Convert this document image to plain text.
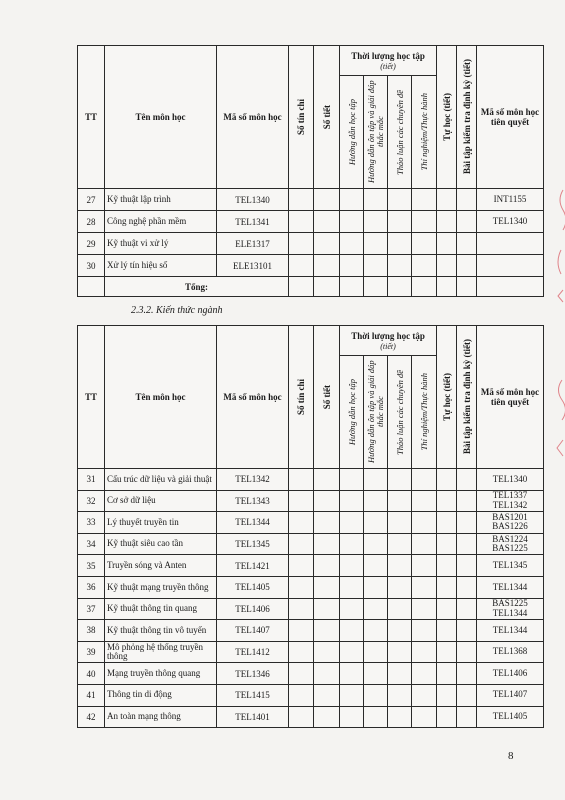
TT	Tên môn học	Mã số môn học	Số tín chỉ	Số tiết	Thời lượng học tập
(tiết)				Tự học (tiết)	Bài tập kiểm tra định kỳ (tiết)	Mã số môn học tiên quyết

					Hướng dẫn học tập	Hướng dẫn ôn tập và giải đáp thắc mắc	Thảo luận các chuyên đề	Thí nghiệm/Thực hành			

27	Kỹ thuật lập trình	TEL1340									INT1155
28	Công nghệ phần mềm	TEL1341									TEL1340
29	Kỹ thuật vi xử lý	ELE1317									
30	Xử lý tín hiệu số	ELE13101									
	Tổng:										
2.3.2. Kiến thức ngành
TT	Tên môn học	Mã số môn học	Số tín chỉ	Số tiết	Thời lượng học tập
(tiết)				Tự học (tiết)	Bài tập kiểm tra định kỳ (tiết)	Mã số môn học tiên quyết

					Hướng dẫn học tập	Hướng dẫn ôn tập và giải đáp thắc mắc	Thảo luận các chuyên đề	Thí nghiệm/Thực hành			

31	Cấu trúc dữ liệu và giải thuật	TEL1342									TEL1340
32	Cơ sở dữ liệu	TEL1343									TEL1337 TEL1342
33	Lý thuyết truyền tin	TEL1344									BAS1201 BAS1226
34	Kỹ thuật siêu cao tần	TEL1345									BAS1224 BAS1225
35	Truyền sóng và Anten	TEL1421									TEL1345
36	Kỹ thuật mạng truyền thông	TEL1405									TEL1344
37	Kỹ thuật thông tin quang	TEL1406									BAS1225 TEL1344
38	Kỹ thuật thông tin vô tuyến	TEL1407									TEL1344
39	Mô phỏng hệ thống truyền thông	TEL1412									TEL1368
40	Mạng truyền thông quang	TEL1346									TEL1406
41	Thông tin di động	TEL1415									TEL1407
42	An toàn mạng thông	TEL1401									TEL1405
8
